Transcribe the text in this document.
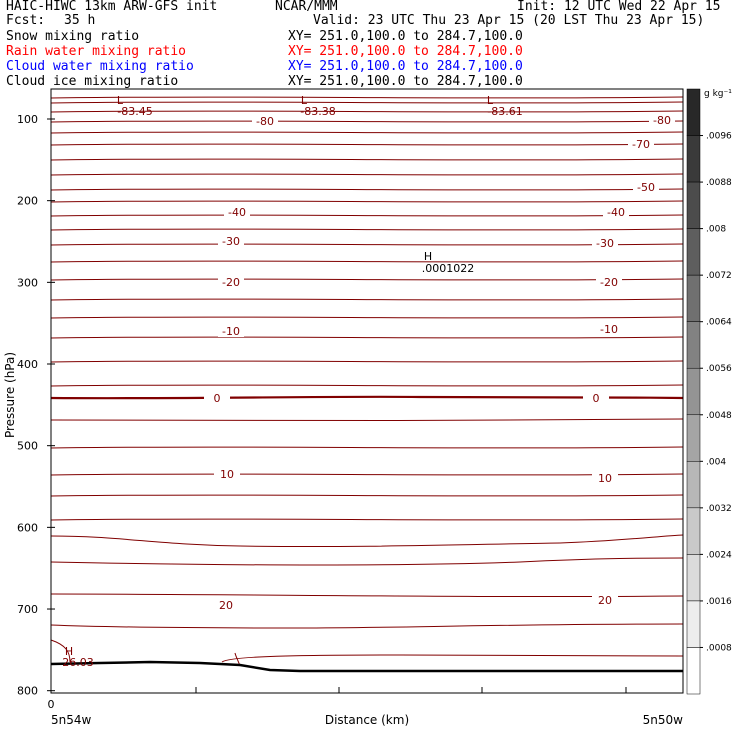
HAIC-HIWC 13km ARW-GFS init	NCAR/MMM	Init: 12 UTC Wed 22 Apr 15
Fcst: 35 h	Valid: 23 UTC Thu 23 Apr 15 (20 LST Thu 23 Apr 15)
Snow mixing ratio	XY= 251.0,100.0 to 284.7,100.0
Rain water mixing ratio	XY= 251.0,100.0 to 284.7,100.0
Cloud water mixing ratio	XY= 251.0,100.0 to 284.7,100.0
Cloud ice mixing ratio	XY= 251.0,100.0 to 284.7,100.0
100
200
300
400
500
600
700
800
Pressure (hPa)
0
5n54w	5n50w
Distance (km)
-80	-80
-70
-50
-40	-40
-30	-30
-20	-20
-10	-10
0	0
10	10
20	20
L
-83.45
L
-83.38
L
-83.61
H
.0001022
H
26.03
g kg⁻¹
.0096
.0088
.008
.0072
.0064
.0056
.0048
.004
.0032
.0024
.0016
.0008
